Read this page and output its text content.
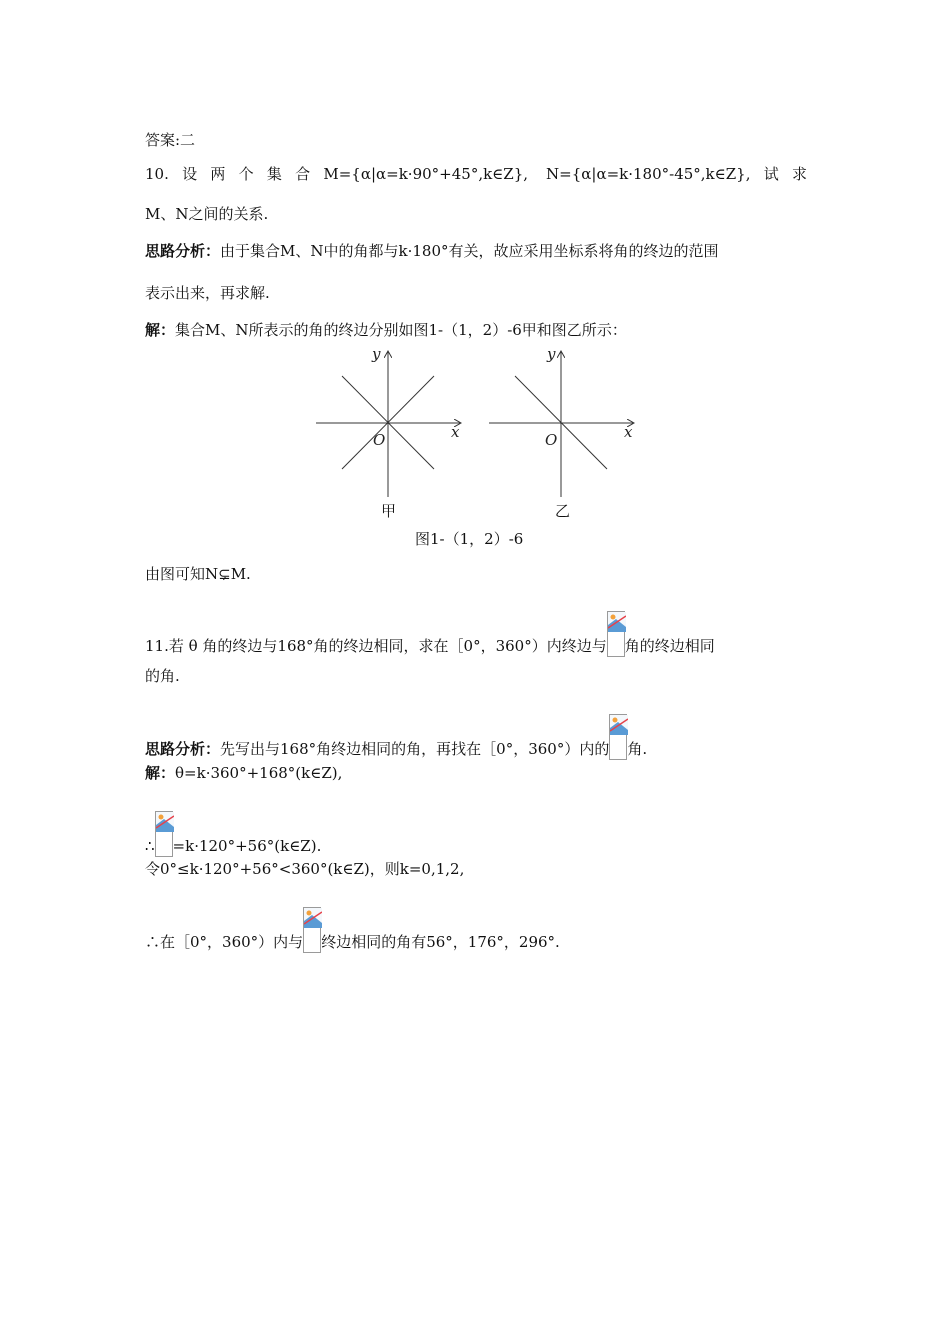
答案:二
10.设两个集合M={α|α=k·90°+45°,k∈Z}, N={α|α=k·180°-45°,k∈Z},试求
M、N之间的关系.
思路分析：由于集合M、N中的角都与k·180°有关，故应采用坐标系将角的终边的范围
表示出来，再求解.
解：集合M、N所表示的角的终边分别如图1-（1，2）-6甲和图乙所示：
y
x
O
甲
y
x
O
乙
图1-（1，2）-6
由图可知N⊊M.
11.若 θ 角的终边与168°角的终边相同，求在［0°，360°）内终边与 角的终边相同
的角.
思路分析：先写出与168°角终边相同的角，再找在［0°，360°）内的 角.
解：θ=k·360°+168°(k∈Z),
∴ =k·120°+56°(k∈Z).
令0°≤k·120°+56°<360°(k∈Z)，则k=0,1,2,
∴在［0°，360°）内与 终边相同的角有56°，176°，296°.
